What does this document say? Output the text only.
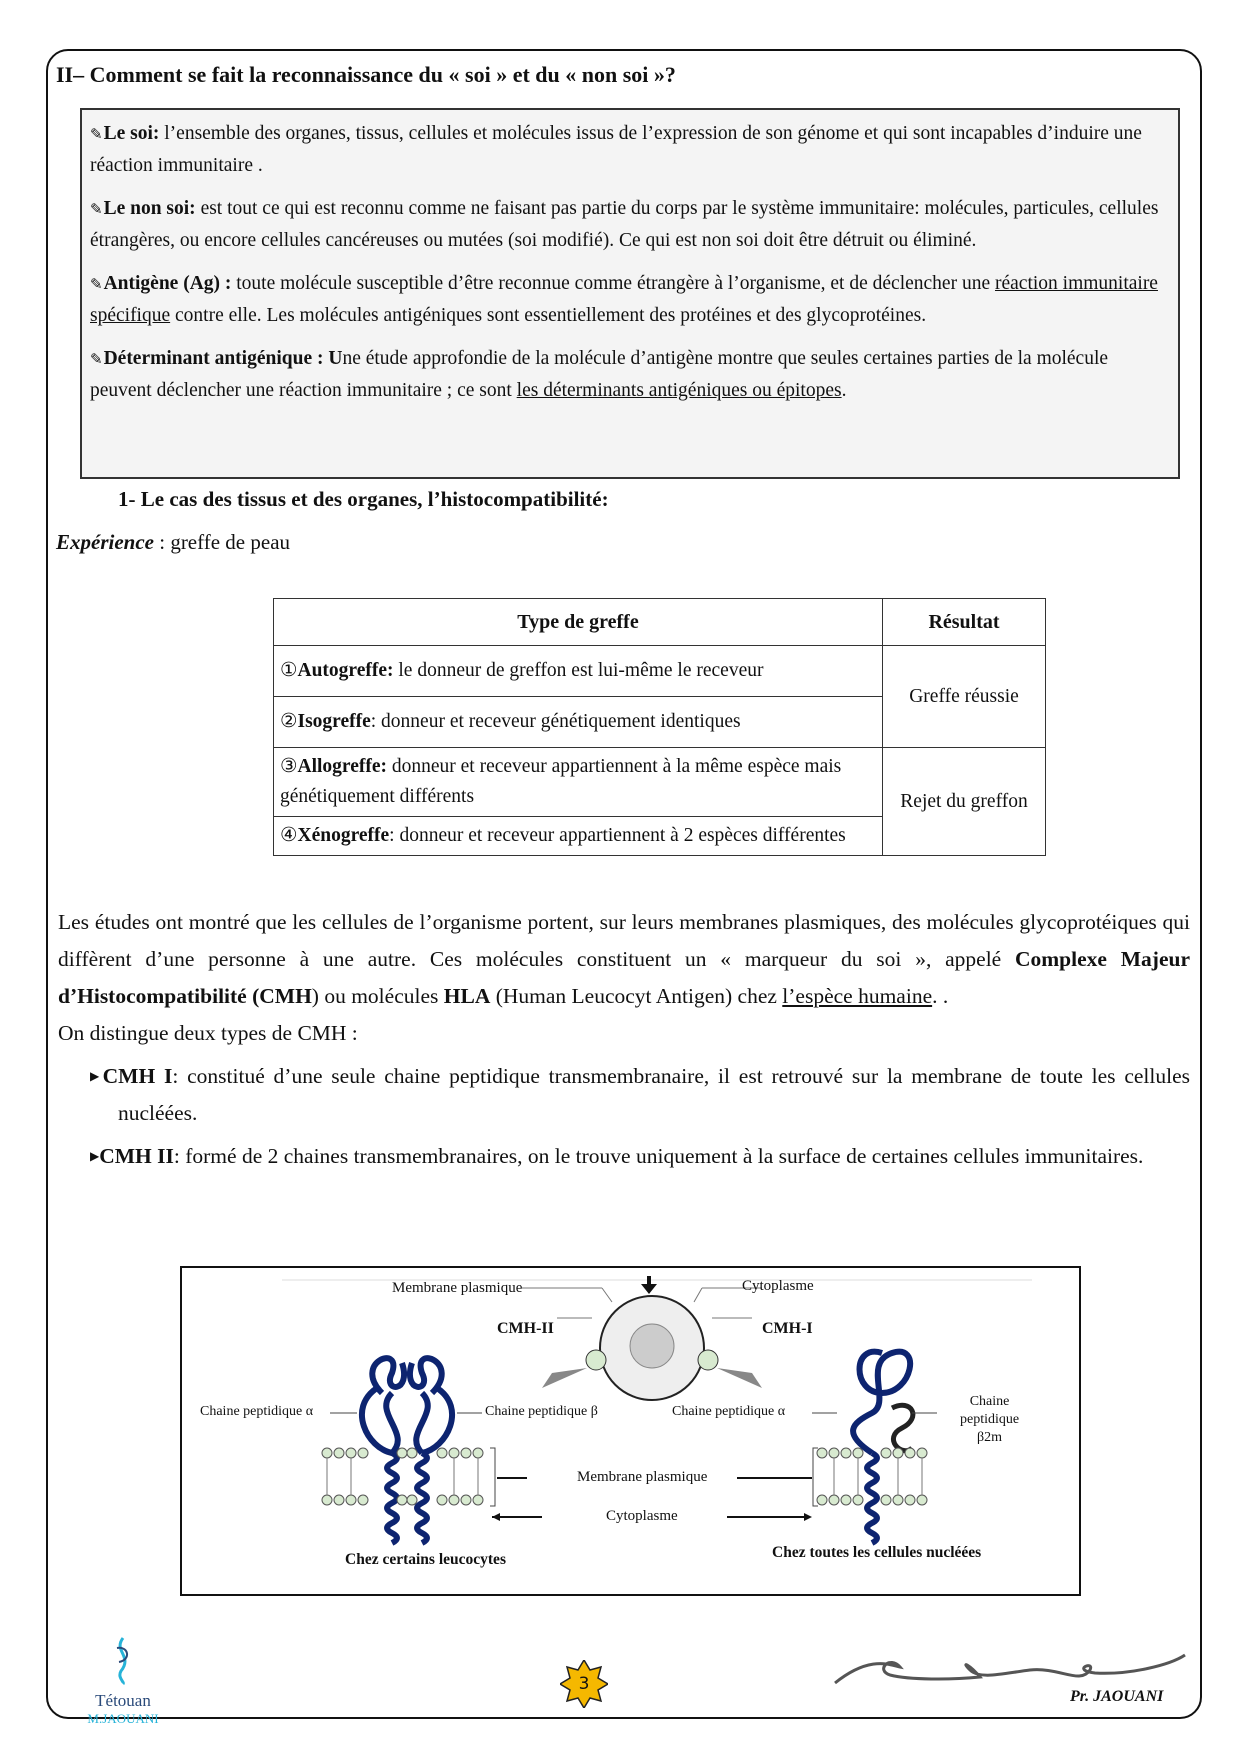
II– Comment se fait la reconnaissance du « soi » et du « non soi »?

✎Le soi: l’ensemble des organes, tissus, cellules et molécules issus de l’expression de son génome et qui sont incapables d’induire une réaction immunitaire .

✎Le non soi: est tout ce qui est reconnu comme ne faisant pas partie du corps par le système immunitaire: molécules, particules, cellules étrangères, ou encore cellules cancéreuses ou mutées (soi modifié). Ce qui est non soi doit être détruit ou éliminé.

✎Antigène (Ag) : toute molécule susceptible d’être reconnue comme étrangère à l’organisme, et de déclencher une réaction immunitaire spécifique contre elle. Les molécules antigéniques sont essentiellement des protéines et des glycoprotéines.

✎Déterminant antigénique : Une étude approfondie de la molécule d’antigène montre que seules certaines parties de la molécule peuvent déclencher une réaction immunitaire ; ce sont les déterminants antigéniques ou épitopes.

1- Le cas des tissus et des organes, l’histocompatibilité:
Expérience : greffe de peau
Type de greffe	Résultat
①Autogreffe: le donneur de greffon est lui-même le receveur	Greffe réussie
②Isogreffe: donneur et receveur génétiquement identiques	
③Allogreffe: donneur et receveur appartiennent à la même espèce mais génétiquement différents	Rejet du greffon
④Xénogreffe: donneur et receveur appartiennent à 2 espèces différentes	

Les études ont montré que les cellules de l’organisme portent, sur leurs membranes plasmiques, des molécules glycoprotéiques qui diffèrent d’une personne à une autre. Ces molécules constituent un « marqueur du soi », appelé Complexe Majeur d’Histocompatibilité (CMH) ou molécules HLA (Human Leucocyt Antigen) chez l’espèce humaine. .

On distingue deux types de CMH :

▶CMH I: constitué d’une seule chaine peptidique transmembranaire, il est retrouvé sur la membrane de toute les cellules nucléées.
▶CMH II: formé de 2 chaines transmembranaires, on le trouve uniquement à la surface de certaines cellules immunitaires.
Membrane plasmique	Cytoplasme
CMH-II	CMH-I
Chaine peptidique α	Chaine peptidique β	Chaine peptidique α
Chaine
peptidique
β2m
Membrane plasmique
Cytoplasme
Chez certains leucocytes	Chez toutes les cellules nucléées
Tétouan
M.JAOUANI
3
Pr. JAOUANI
